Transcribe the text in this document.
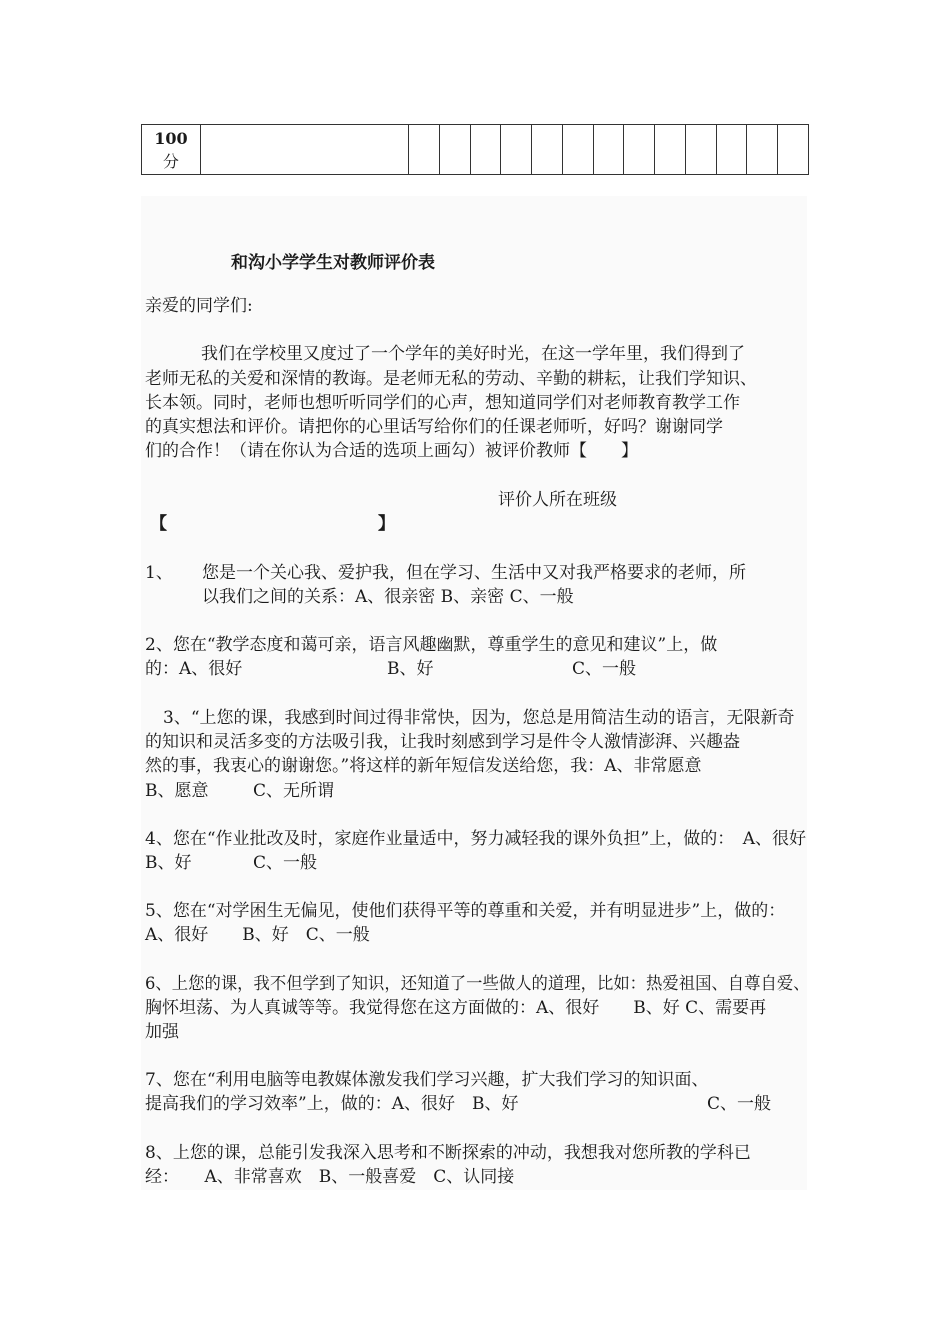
100
分

和沟小学学生对教师评价表
亲爱的同学们:
我们在学校里又度过了一个学年的美好时光，在这一学年里，我们得到了
老师无私的关爱和深情的教诲。是老师无私的劳动、辛勤的耕耘，让我们学知识、
长本领。同时，老师也想听听同学们的心声，想知道同学们对老师教育教学工作
的真实想法和评价。请把你的心里话写给你们的任课老师听，好吗？谢谢同学
们的合作！（请在你认为合适的选项上画勾）被评价教师【　　】
评价人所在班级
【	】
1、 您是一个关心我、爱护我，但在学习、生活中又对我严格要求的老师，所
以我们之间的关系：A、很亲密 B、亲密 C、一般
2、您在“教学态度和蔼可亲，语言风趣幽默，尊重学生的意见和建议”上，做
的：A、很好	B、好	C、一般
3、“上您的课，我感到时间过得非常快，因为，您总是用简洁生动的语言，无限新奇
的知识和灵活多变的方法吸引我，让我时刻感到学习是件令人激情澎湃、兴趣盎
然的事，我衷心的谢谢您。”将这样的新年短信发送给您，我：A、非常愿意
B、愿意	C、无所谓
4、您在“作业批改及时，家庭作业量适中，努力减轻我的课外负担”上，做的：　A、很好
B、好	C、一般
5、您在“对学困生无偏见，使他们获得平等的尊重和关爱，并有明显进步”上，做的：
A、很好　　B、好　C、一般
6、上您的课，我不但学到了知识，还知道了一些做人的道理，比如：热爱祖国、自尊自爱、
胸怀坦荡、为人真诚等等。我觉得您在这方面做的：A、很好　　B、好 C、需要再
加强
7、您在“利用电脑等电教媒体激发我们学习兴趣，扩大我们学习的知识面、
提高我们的学习效率”上，做的：A、很好　B、好	C、一般
8、上您的课，总能引发我深入思考和不断探索的冲动，我想我对您所教的学科已
经：　　A、非常喜欢　B、一般喜爱　C、认同接
